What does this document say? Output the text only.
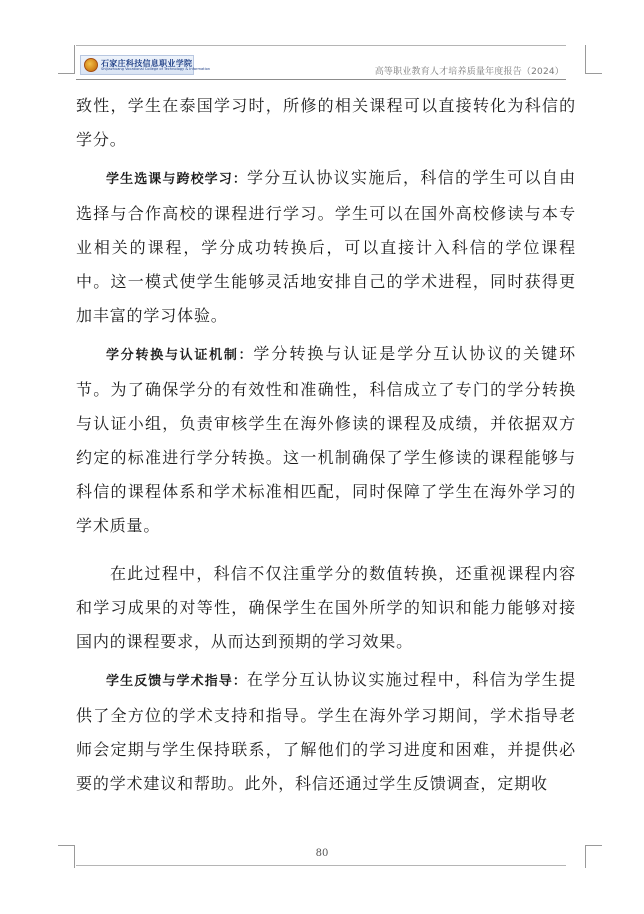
石家庄科技信息职业学院
Shijiazhuang Vocational College of Technology & Information	高等职业教育人才培养质量年度报告（2024）

致性，学生在泰国学习时，所修的相关课程可以直接转化为科信的学分。

学生选课与跨校学习：学分互认协议实施后，科信的学生可以自由选择与合作高校的课程进行学习。学生可以在国外高校修读与本专业相关的课程，学分成功转换后，可以直接计入科信的学位课程中。这一模式使学生能够灵活地安排自己的学术进程，同时获得更加丰富的学习体验。

学分转换与认证机制：学分转换与认证是学分互认协议的关键环节。为了确保学分的有效性和准确性，科信成立了专门的学分转换与认证小组，负责审核学生在海外修读的课程及成绩，并依据双方约定的标准进行学分转换。这一机制确保了学生修读的课程能够与科信的课程体系和学术标准相匹配，同时保障了学生在海外学习的学术质量。

在此过程中，科信不仅注重学分的数值转换，还重视课程内容和学习成果的对等性，确保学生在国外所学的知识和能力能够对接国内的课程要求，从而达到预期的学习效果。

学生反馈与学术指导：在学分互认协议实施过程中，科信为学生提供了全方位的学术支持和指导。学生在海外学习期间，学术指导老师会定期与学生保持联系，了解他们的学习进度和困难，并提供必要的学术建议和帮助。此外，科信还通过学生反馈调查，定期收

80
